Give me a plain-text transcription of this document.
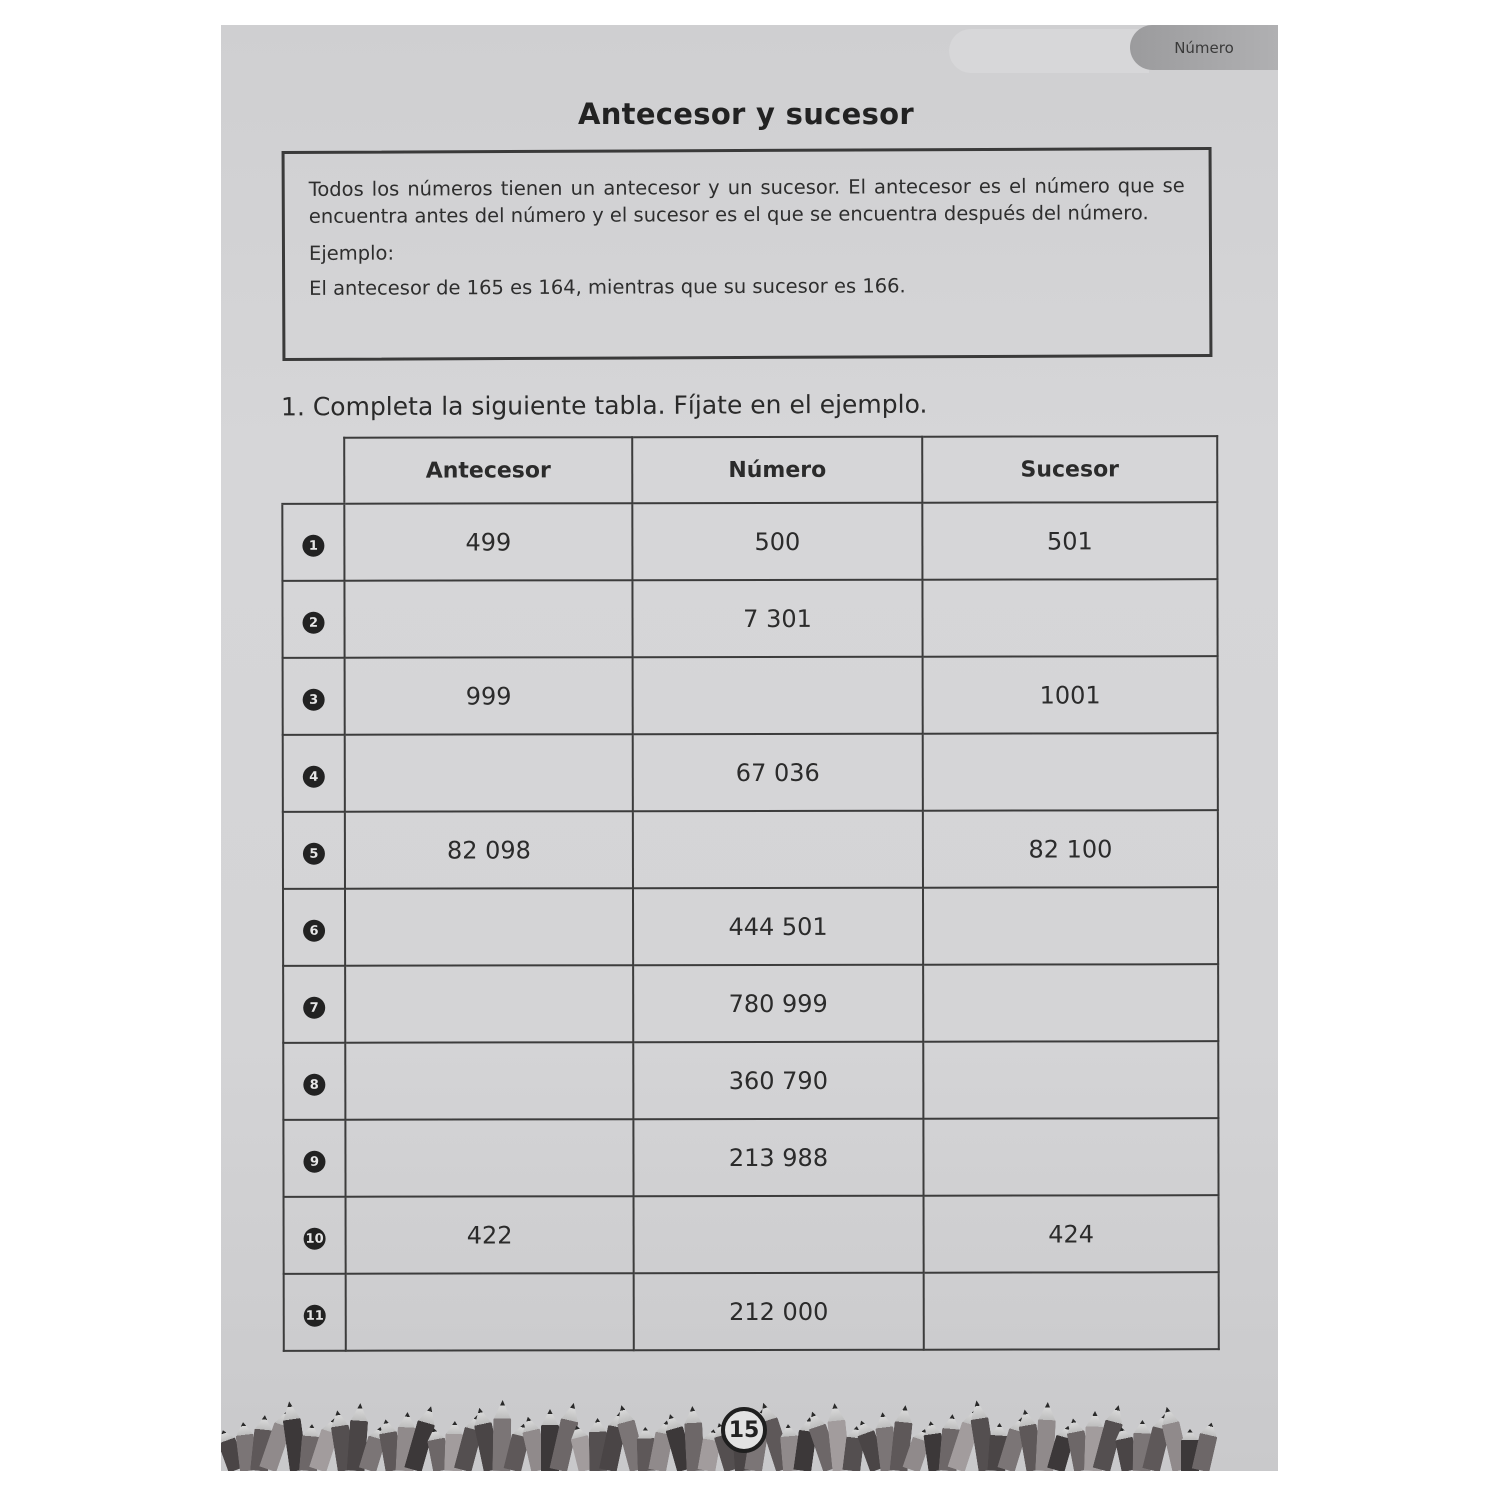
Número
Antecesor y sucesor

Todos los números tienen un antecesor y un sucesor. El antecesor es el número que se encuentra antes del número y el sucesor es el que se encuentra después del número.

Ejemplo:

El antecesor de 165 es 164, mientras que su sucesor es 166.

1. Completa la siguiente tabla. Fíjate en el ejemplo.
	Antecesor	Número	Sucesor
1	499	500	501
2		7 301	
3	999		1001
4		67 036	
5	82 098		82 100
6		444 501	
7		780 999	
8		360 790	
9		213 988	
10	422		424
11		212 000	
15
